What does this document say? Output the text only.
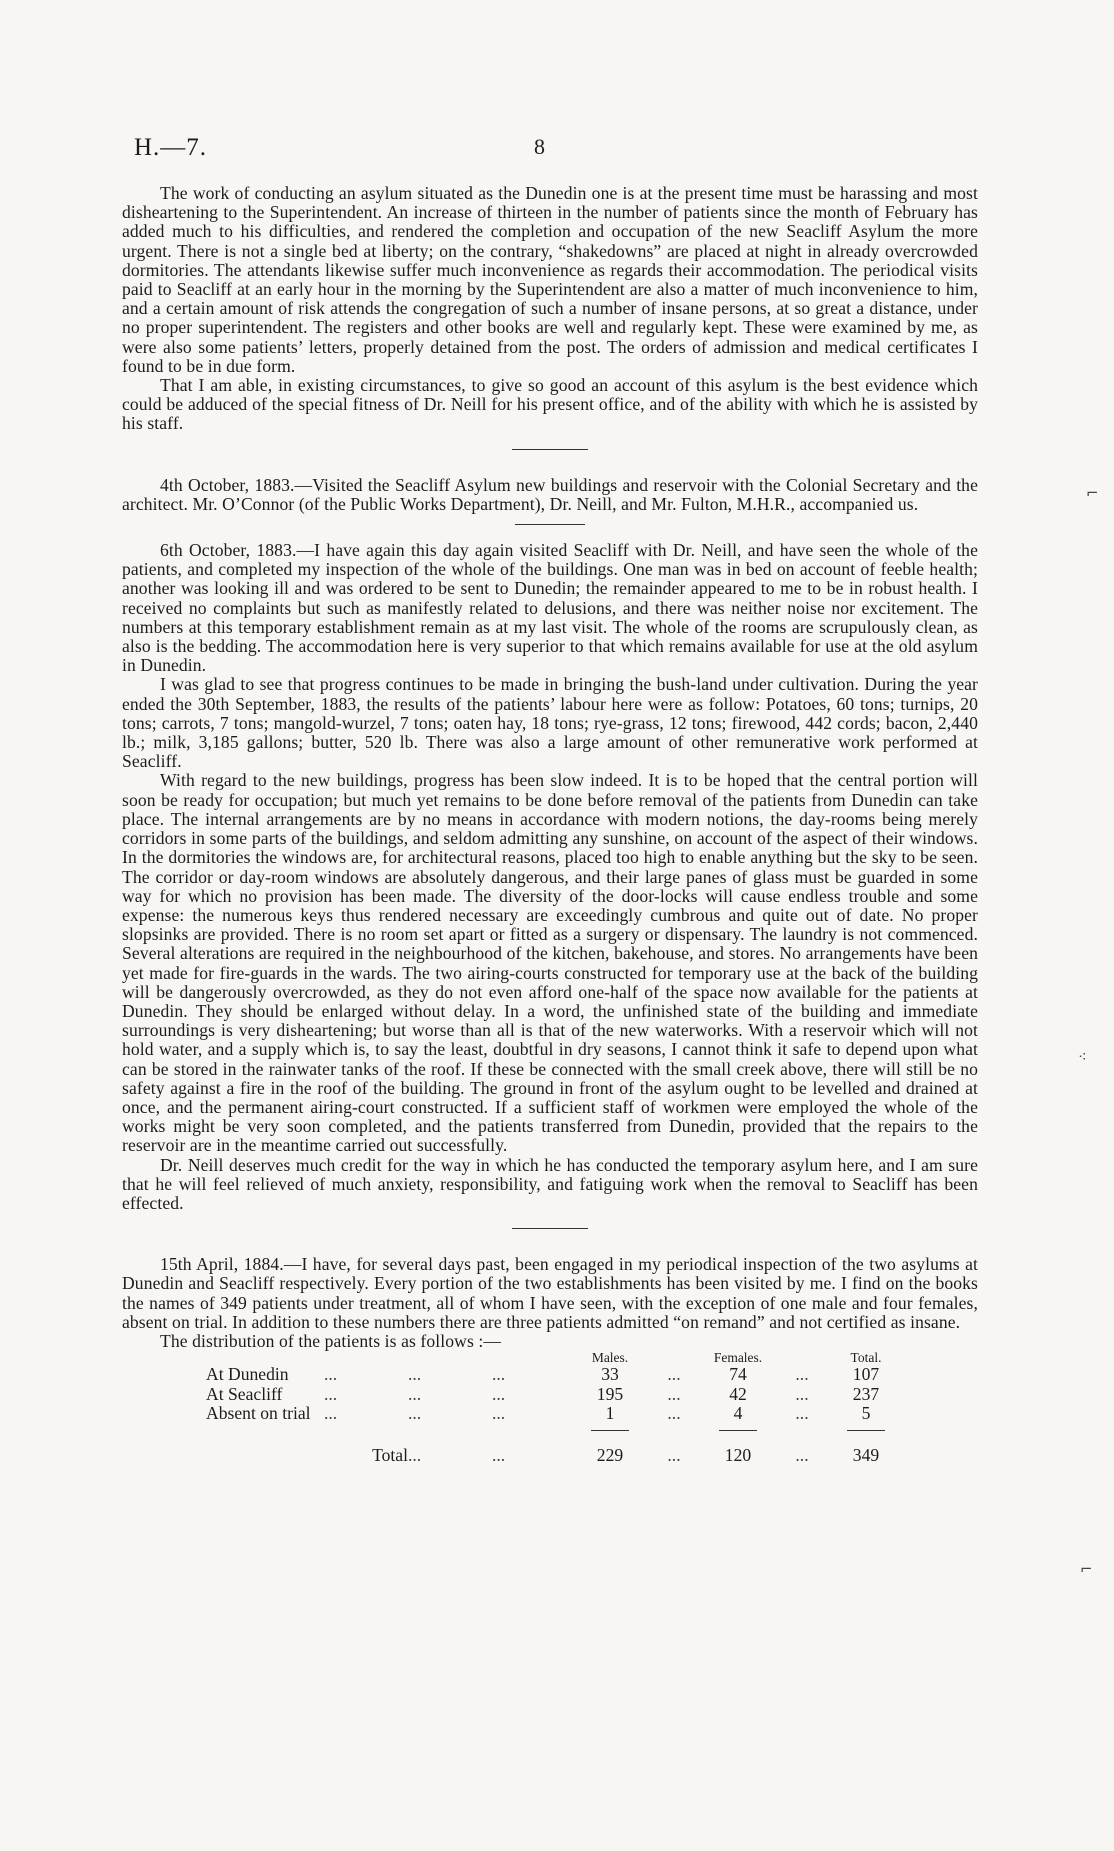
H.—7.	8

The work of conducting an asylum situated as the Dunedin one is at the present time must be harassing and most disheartening to the Superintendent. An increase of thirteen in the number of patients since the month of February has added much to his difficulties, and rendered the completion and occupation of the new Seacliff Asylum the more urgent. There is not a single bed at liberty; on the contrary, “shakedowns” are placed at night in already overcrowded dormitories. The attendants likewise suffer much inconvenience as regards their accommodation. The periodical visits paid to Seacliff at an early hour in the morning by the Superintendent are also a matter of much inconvenience to him, and a certain amount of risk attends the congregation of such a number of insane persons, at so great a distance, under no proper superintendent. The registers and other books are well and regularly kept. These were examined by me, as were also some patients’ letters, properly detained from the post. The orders of admission and medical certificates I found to be in due form.

That I am able, in existing circumstances, to give so good an account of this asylum is the best evidence which could be adduced of the special fitness of Dr. Neill for his present office, and of the ability with which he is assisted by his staff.

4th October, 1883.—Visited the Seacliff Asylum new buildings and reservoir with the Colonial Secretary and the architect. Mr. O’Connor (of the Public Works Department), Dr. Neill, and Mr. Fulton, M.H.R., accompanied us.

6th October, 1883.—I have again this day again visited Seacliff with Dr. Neill, and have seen the whole of the patients, and completed my inspection of the whole of the buildings. One man was in bed on account of feeble health; another was looking ill and was ordered to be sent to Dunedin; the remainder appeared to me to be in robust health. I received no complaints but such as manifestly related to delusions, and there was neither noise nor excitement. The numbers at this temporary establishment remain as at my last visit. The whole of the rooms are scrupulously clean, as also is the bedding. The accommodation here is very superior to that which remains available for use at the old asylum in Dunedin.

I was glad to see that progress continues to be made in bringing the bush-land under cultivation. During the year ended the 30th September, 1883, the results of the patients’ labour here were as follow: Potatoes, 60 tons; turnips, 20 tons; carrots, 7 tons; mangold-wurzel, 7 tons; oaten hay, 18 tons; rye-grass, 12 tons; firewood, 442 cords; bacon, 2,440 lb.; milk, 3,185 gallons; butter, 520 lb. There was also a large amount of other remunerative work performed at Seacliff.

With regard to the new buildings, progress has been slow indeed. It is to be hoped that the central portion will soon be ready for occupation; but much yet remains to be done before removal of the patients from Dunedin can take place. The internal arrangements are by no means in accordance with modern notions, the day-rooms being merely corridors in some parts of the buildings, and seldom admitting any sunshine, on account of the aspect of their windows. In the dormitories the windows are, for architectural reasons, placed too high to enable anything but the sky to be seen. The corridor or day-room windows are absolutely dangerous, and their large panes of glass must be guarded in some way for which no provision has been made. The diversity of the door-locks will cause endless trouble and some expense: the numerous keys thus rendered necessary are exceedingly cumbrous and quite out of date. No proper slopsinks are provided. There is no room set apart or fitted as a surgery or dispensary. The laundry is not commenced. Several alterations are required in the neighbourhood of the kitchen, bakehouse, and stores. No arrangements have been yet made for fire-guards in the wards. The two airing-courts constructed for temporary use at the back of the building will be dangerously overcrowded, as they do not even afford one-half of the space now available for the patients at Dunedin. They should be enlarged without delay. In a word, the unfinished state of the building and immediate surroundings is very disheartening; but worse than all is that of the new waterworks. With a reservoir which will not hold water, and a supply which is, to say the least, doubtful in dry seasons, I cannot think it safe to depend upon what can be stored in the rainwater tanks of the roof. If these be connected with the small creek above, there will still be no safety against a fire in the roof of the building. The ground in front of the asylum ought to be levelled and drained at once, and the permanent airing-court constructed. If a sufficient staff of workmen were employed the whole of the works might be very soon completed, and the patients transferred from Dunedin, provided that the repairs to the reservoir are in the meantime carried out successfully.

Dr. Neill deserves much credit for the way in which he has conducted the temporary asylum here, and I am sure that he will feel relieved of much anxiety, responsibility, and fatiguing work when the removal to Seacliff has been effected.

15th April, 1884.—I have, for several days past, been engaged in my periodical inspection of the two asylums at Dunedin and Seacliff respectively. Every portion of the two establishments has been visited by me. I find on the books the names of 349 patients under treatment, all of whom I have seen, with the exception of one male and four females, absent on trial. In addition to these numbers there are three patients admitted “on remand” and not certified as insane.

The distribution of the patients is as follows :—

				Males.		Females.		Total.
At Dunedin	...	...	...	33	...	74	...	107
At Seacliff	...	...	...	195	...	42	...	237
Absent on trial	...	...	...	1	...	4	...	5

Total		...	...	229	...	120	...	349
⌐
⁖
⌐
